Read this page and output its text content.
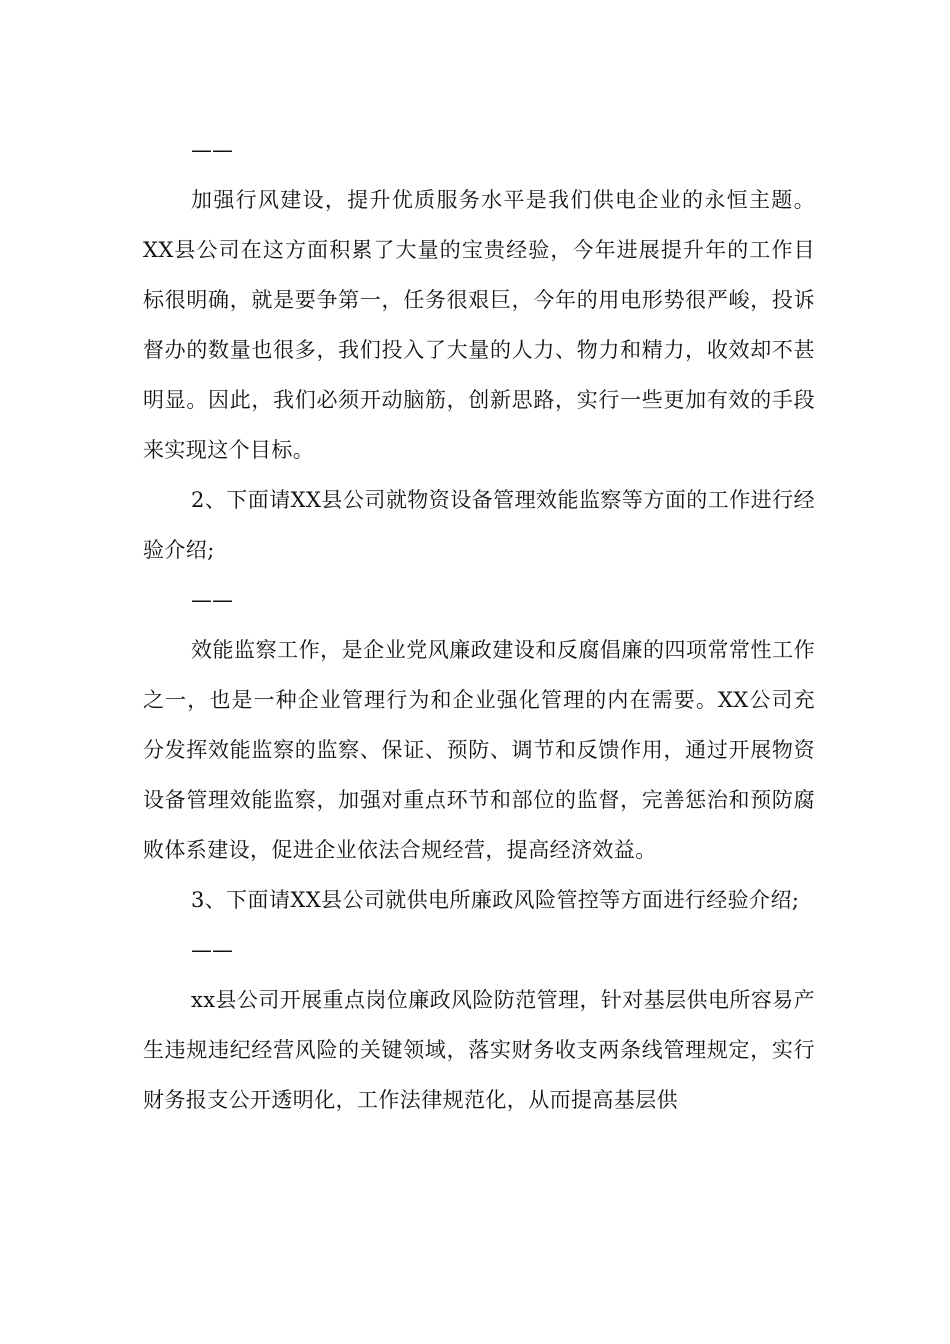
——

加强行风建设，提升优质服务水平是我们供电企业的永恒主题。XX县公司在这方面积累了大量的宝贵经验，今年进展提升年的工作目标很明确，就是要争第一，任务很艰巨，今年的用电形势很严峻，投诉督办的数量也很多，我们投入了大量的人力、物力和精力，收效却不甚明显。因此，我们必须开动脑筋，创新思路，实行一些更加有效的手段来实现这个目标。

2、下面请XX县公司就物资设备管理效能监察等方面的工作进行经验介绍;

——

效能监察工作，是企业党风廉政建设和反腐倡廉的四项常常性工作之一，也是一种企业管理行为和企业强化管理的内在需要。XX公司充分发挥效能监察的监察、保证、预防、调节和反馈作用，通过开展物资设备管理效能监察，加强对重点环节和部位的监督，完善惩治和预防腐败体系建设，促进企业依法合规经营，提高经济效益。

3、下面请XX县公司就供电所廉政风险管控等方面进行经验介绍;

——

xx县公司开展重点岗位廉政风险防范管理，针对基层供电所容易产生违规违纪经营风险的关键领域，落实财务收支两条线管理规定，实行财务报支公开透明化，工作法律规范化，从而提高基层供
